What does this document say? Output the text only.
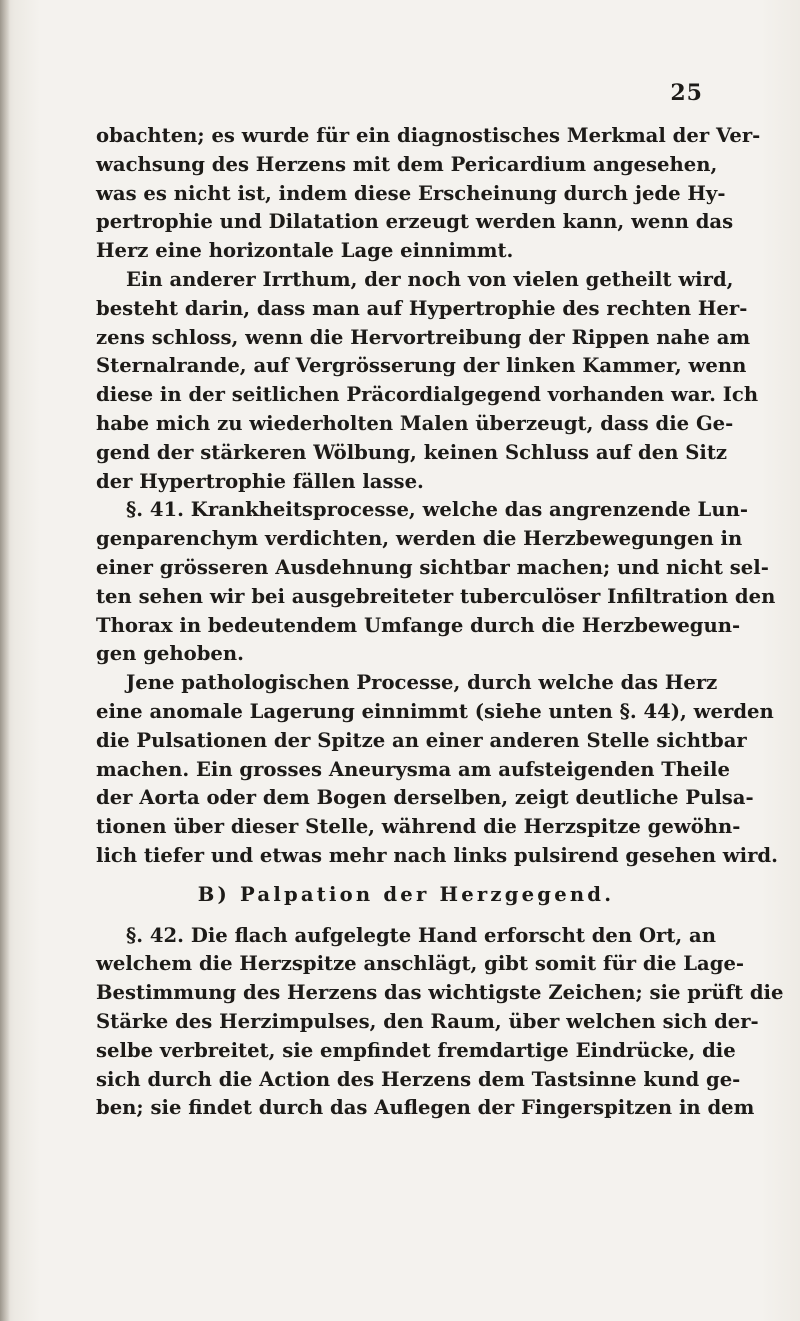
25
obachten; es wurde für ein diagnostisches Merkmal der Ver-
wachsung des Herzens mit dem Pericardium angesehen,
was es nicht ist, indem diese Erscheinung durch jede Hy-
pertrophie und Dilatation erzeugt werden kann, wenn das
Herz eine horizontale Lage einnimmt.
Ein anderer Irrthum, der noch von vielen getheilt wird,
besteht darin, dass man auf Hypertrophie des rechten Her-
zens schloss, wenn die Hervortreibung der Rippen nahe am
Sternalrande, auf Vergrösserung der linken Kammer, wenn
diese in der seitlichen Präcordialgegend vorhanden war. Ich
habe mich zu wiederholten Malen überzeugt, dass die Ge-
gend der stärkeren Wölbung, keinen Schluss auf den Sitz
der Hypertrophie fällen lasse.
§. 41. Krankheitsprocesse, welche das angrenzende Lun-
genparenchym verdichten, werden die Herzbewegungen in
einer grösseren Ausdehnung sichtbar machen; und nicht sel-
ten sehen wir bei ausgebreiteter tuberculöser Infiltration den
Thorax in bedeutendem Umfange durch die Herzbewegun-
gen gehoben.
Jene pathologischen Processe, durch welche das Herz
eine anomale Lagerung einnimmt (siehe unten §. 44), werden
die Pulsationen der Spitze an einer anderen Stelle sichtbar
machen. Ein grosses Aneurysma am aufsteigenden Theile
der Aorta oder dem Bogen derselben, zeigt deutliche Pulsa-
tionen über dieser Stelle, während die Herzspitze gewöhn-
lich tiefer und etwas mehr nach links pulsirend gesehen wird.
B) Palpation der Herzgegend.
§. 42. Die flach aufgelegte Hand erforscht den Ort, an
welchem die Herzspitze anschlägt, gibt somit für die Lage-
Bestimmung des Herzens das wichtigste Zeichen; sie prüft die
Stärke des Herzimpulses, den Raum, über welchen sich der-
selbe verbreitet, sie empfindet fremdartige Eindrücke, die
sich durch die Action des Herzens dem Tastsinne kund ge-
ben; sie findet durch das Auflegen der Fingerspitzen in dem
